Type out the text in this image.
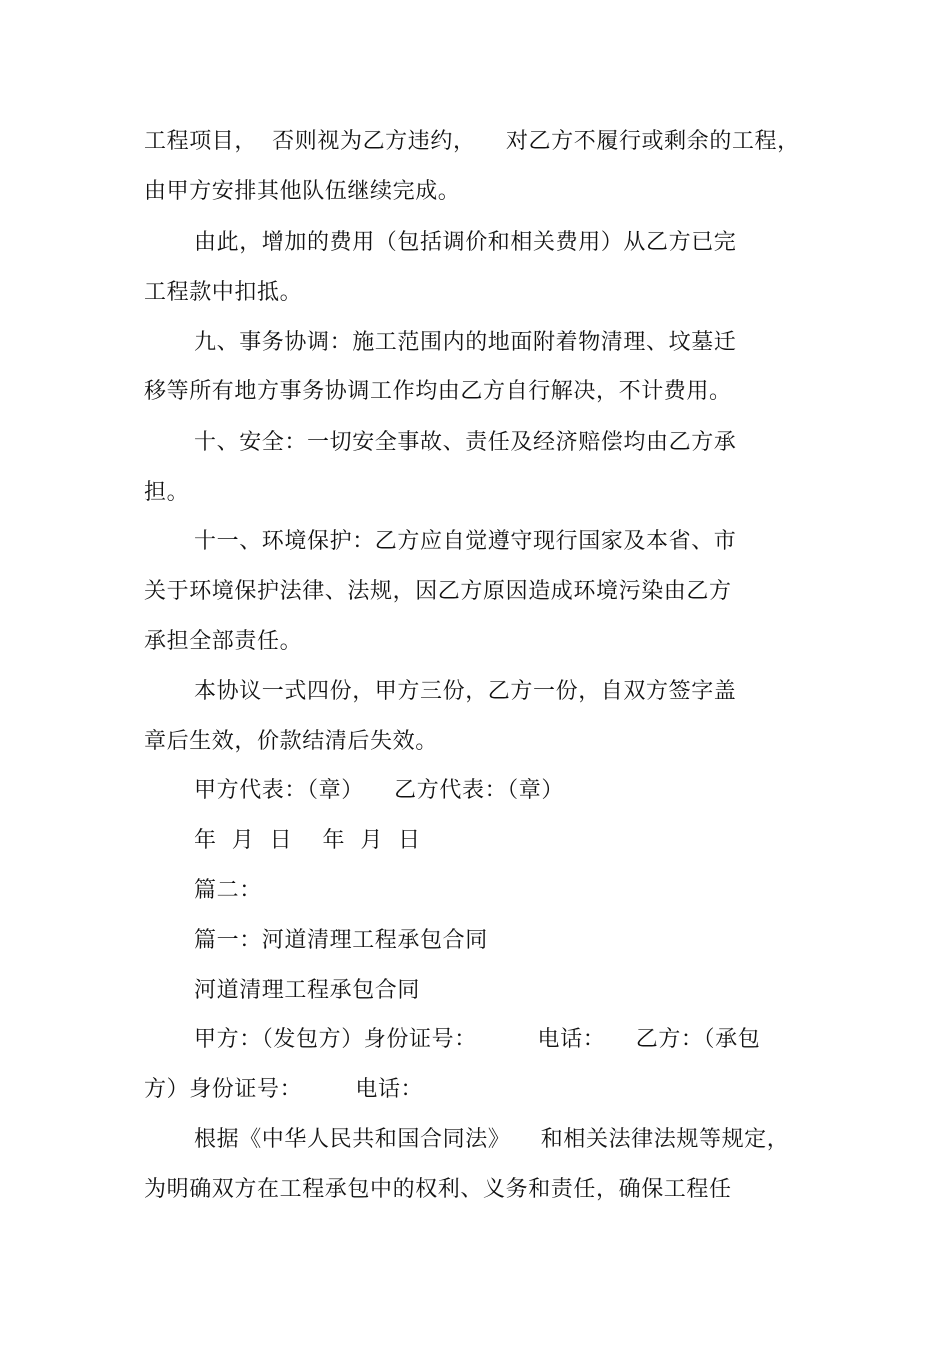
工程项目，  否则视为乙方违约，    对乙方不履行或剩余的工程，
由甲方安排其他队伍继续完成。
由此，增加的费用（包括调价和相关费用）从乙方已完
工程款中扣抵。
九、事务协调：施工范围内的地面附着物清理、坟墓迁
移等所有地方事务协调工作均由乙方自行解决，不计费用。
十、安全：一切安全事故、责任及经济赔偿均由乙方承
担。
十一、环境保护：乙方应自觉遵守现行国家及本省、市
关于环境保护法律、法规，因乙方原因造成环境污染由乙方
承担全部责任。
本协议一式四份，甲方三份，乙方一份，自双方签字盖
章后生效，价款结清后失效。
甲方代表：（章）    乙方代表：（章）
年  月  日    年  月  日
篇二：
篇一：河道清理工程承包合同
河道清理工程承包合同
甲方：（发包方）身份证号：        电话：    乙方：（承包
方）身份证号：       电话：
根据《中华人民共和国合同法》    和相关法律法规等规定，
为明确双方在工程承包中的权利、义务和责任，确保工程任
